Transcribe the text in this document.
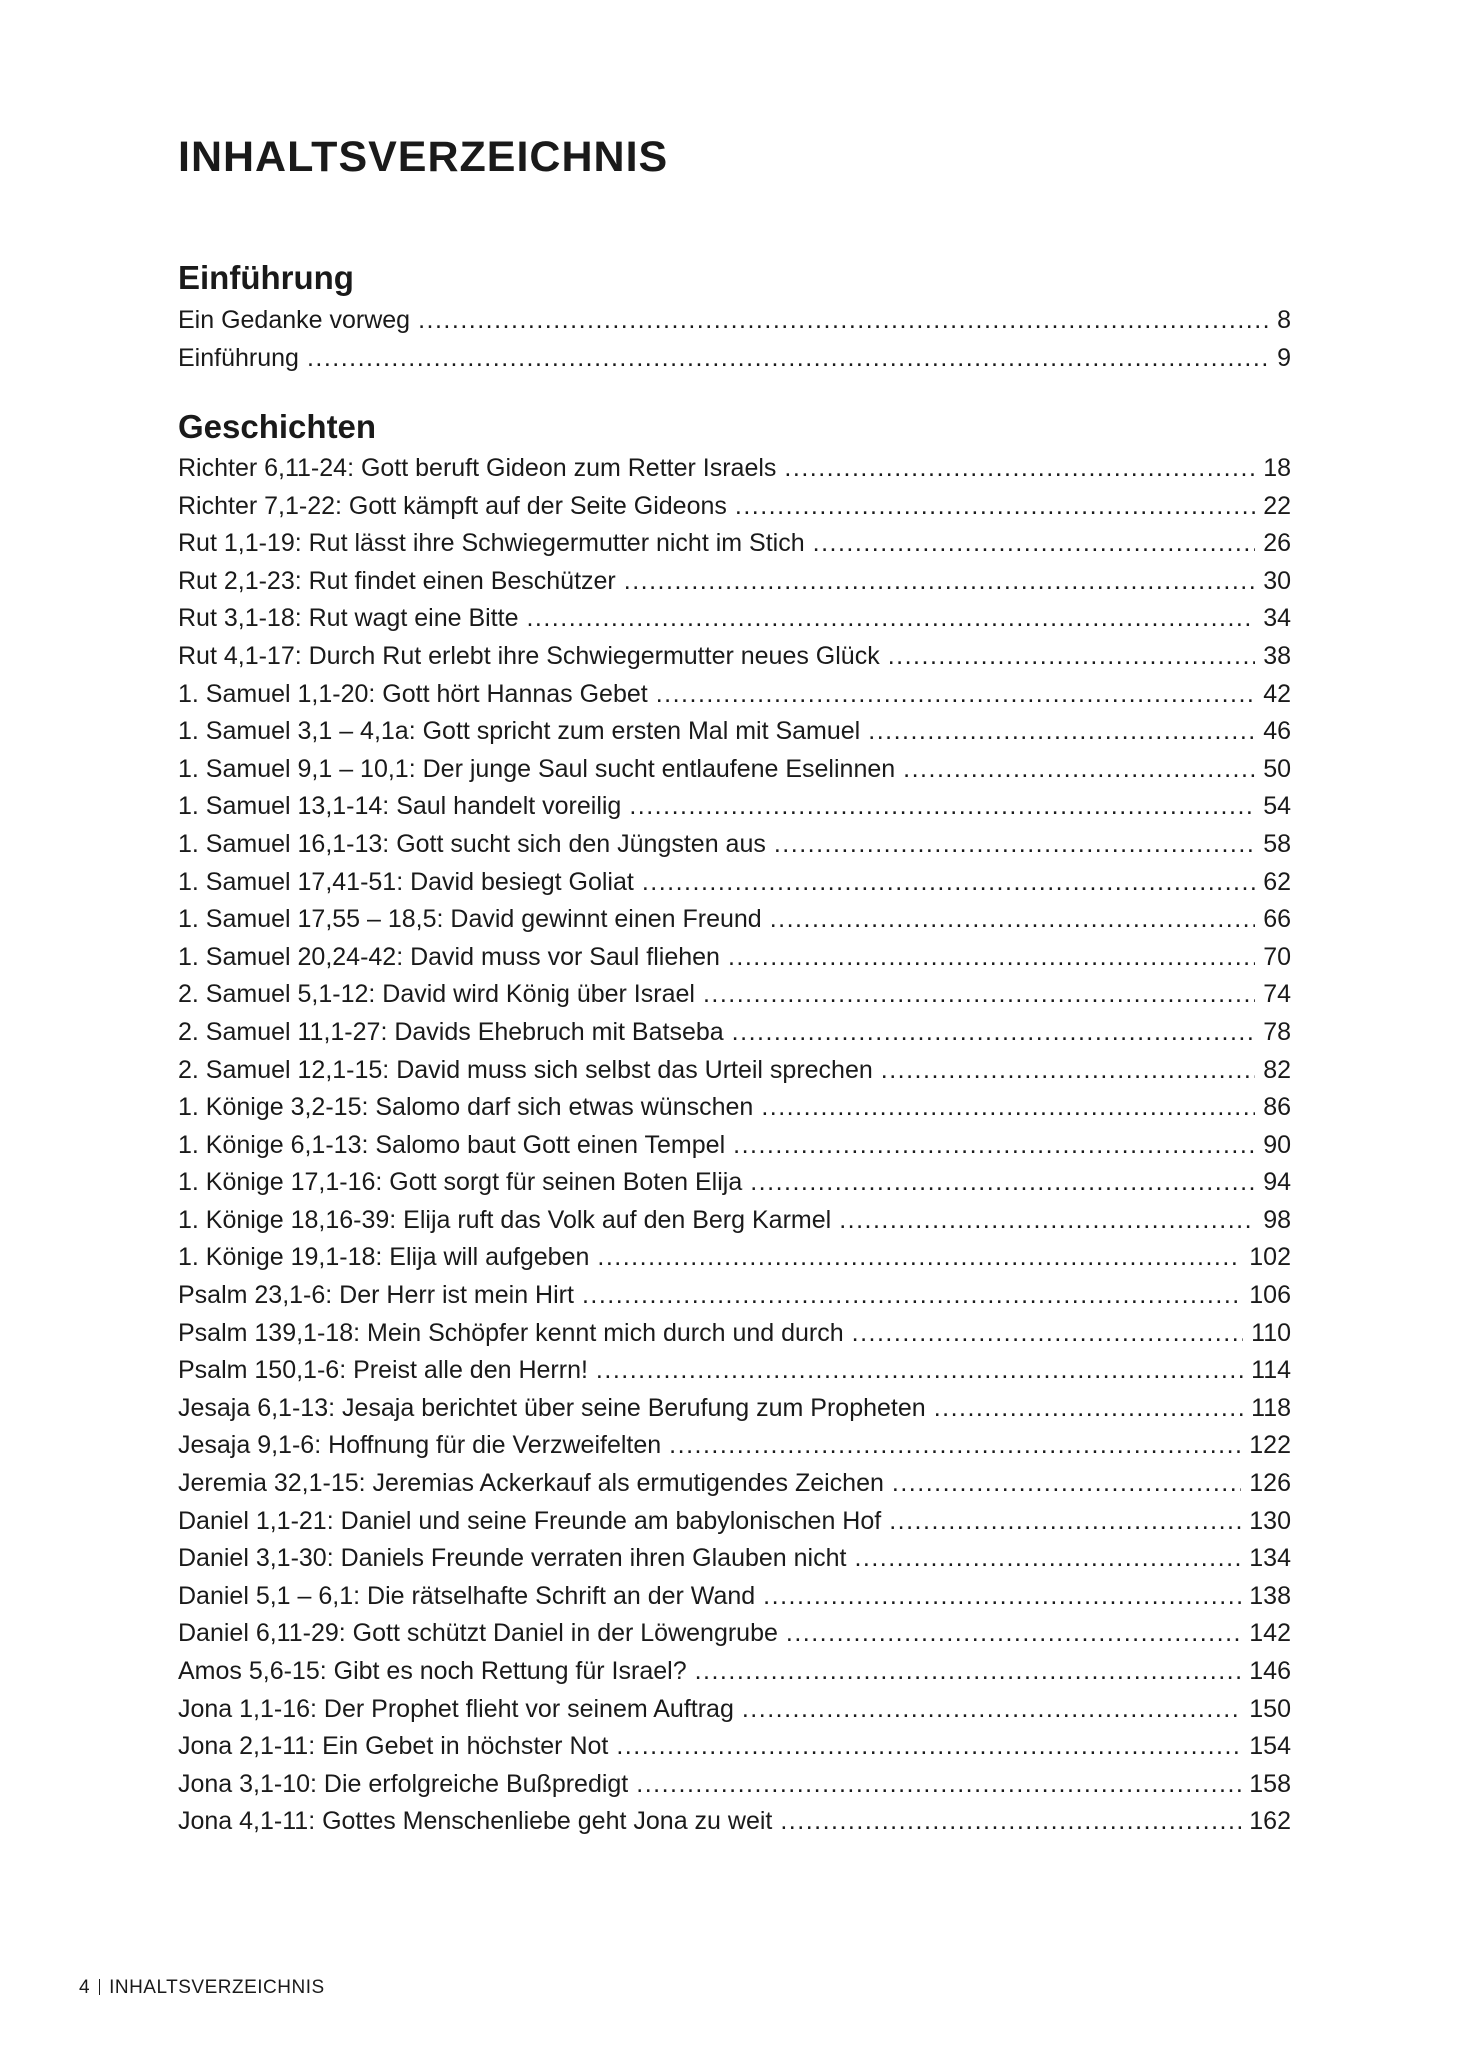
INHALTSVERZEICHNIS
Einführung
Ein Gedanke vorweg .....	8
Einführung .....	9
Geschichten
Richter 6,11-24: Gott beruft Gideon zum Retter Israels .....	18
Richter 7,1-22: Gott kämpft auf der Seite Gideons .....	22
Rut 1,1-19: Rut lässt ihre Schwiegermutter nicht im Stich .....	26
Rut 2,1-23: Rut findet einen Beschützer .....	30
Rut 3,1-18: Rut wagt eine Bitte .....	34
Rut 4,1-17: Durch Rut erlebt ihre Schwiegermutter neues Glück .....	38
1. Samuel 1,1-20: Gott hört Hannas Gebet .....	42
1. Samuel 3,1 – 4,1a: Gott spricht zum ersten Mal mit Samuel .....	46
1. Samuel 9,1 – 10,1: Der junge Saul sucht entlaufene Eselinnen .....	50
1. Samuel 13,1-14: Saul handelt voreilig .....	54
1. Samuel 16,1-13: Gott sucht sich den Jüngsten aus .....	58
1. Samuel 17,41-51: David besiegt Goliat .....	62
1. Samuel 17,55 – 18,5: David gewinnt einen Freund .....	66
1. Samuel 20,24-42: David muss vor Saul fliehen .....	70
2. Samuel 5,1-12: David wird König über Israel .....	74
2. Samuel 11,1-27: Davids Ehebruch mit Batseba .....	78
2. Samuel 12,1-15: David muss sich selbst das Urteil sprechen .....	82
1. Könige 3,2-15: Salomo darf sich etwas wünschen .....	86
1. Könige 6,1-13: Salomo baut Gott einen Tempel .....	90
1. Könige 17,1-16: Gott sorgt für seinen Boten Elija .....	94
1. Könige 18,16-39: Elija ruft das Volk auf den Berg Karmel .....	98
1. Könige 19,1-18: Elija will aufgeben .....	102
Psalm 23,1-6: Der Herr ist mein Hirt .....	106
Psalm 139,1-18: Mein Schöpfer kennt mich durch und durch .....	110
Psalm 150,1-6: Preist alle den Herrn! .....	114
Jesaja 6,1-13: Jesaja berichtet über seine Berufung zum Propheten .....	118
Jesaja 9,1-6: Hoffnung für die Verzweifelten .....	122
Jeremia 32,1-15: Jeremias Ackerkauf als ermutigendes Zeichen .....	126
Daniel 1,1-21: Daniel und seine Freunde am babylonischen Hof .....	130
Daniel 3,1-30: Daniels Freunde verraten ihren Glauben nicht .....	134
Daniel 5,1 – 6,1: Die rätselhafte Schrift an der Wand .....	138
Daniel 6,11-29: Gott schützt Daniel in der Löwengrube .....	142
Amos 5,6-15: Gibt es noch Rettung für Israel? .....	146
Jona 1,1-16: Der Prophet flieht vor seinem Auftrag .....	150
Jona 2,1-11: Ein Gebet in höchster Not .....	154
Jona 3,1-10: Die erfolgreiche Bußpredigt .....	158
Jona 4,1-11: Gottes Menschenliebe geht Jona zu weit .....	162
4 INHALTSVERZEICHNIS
